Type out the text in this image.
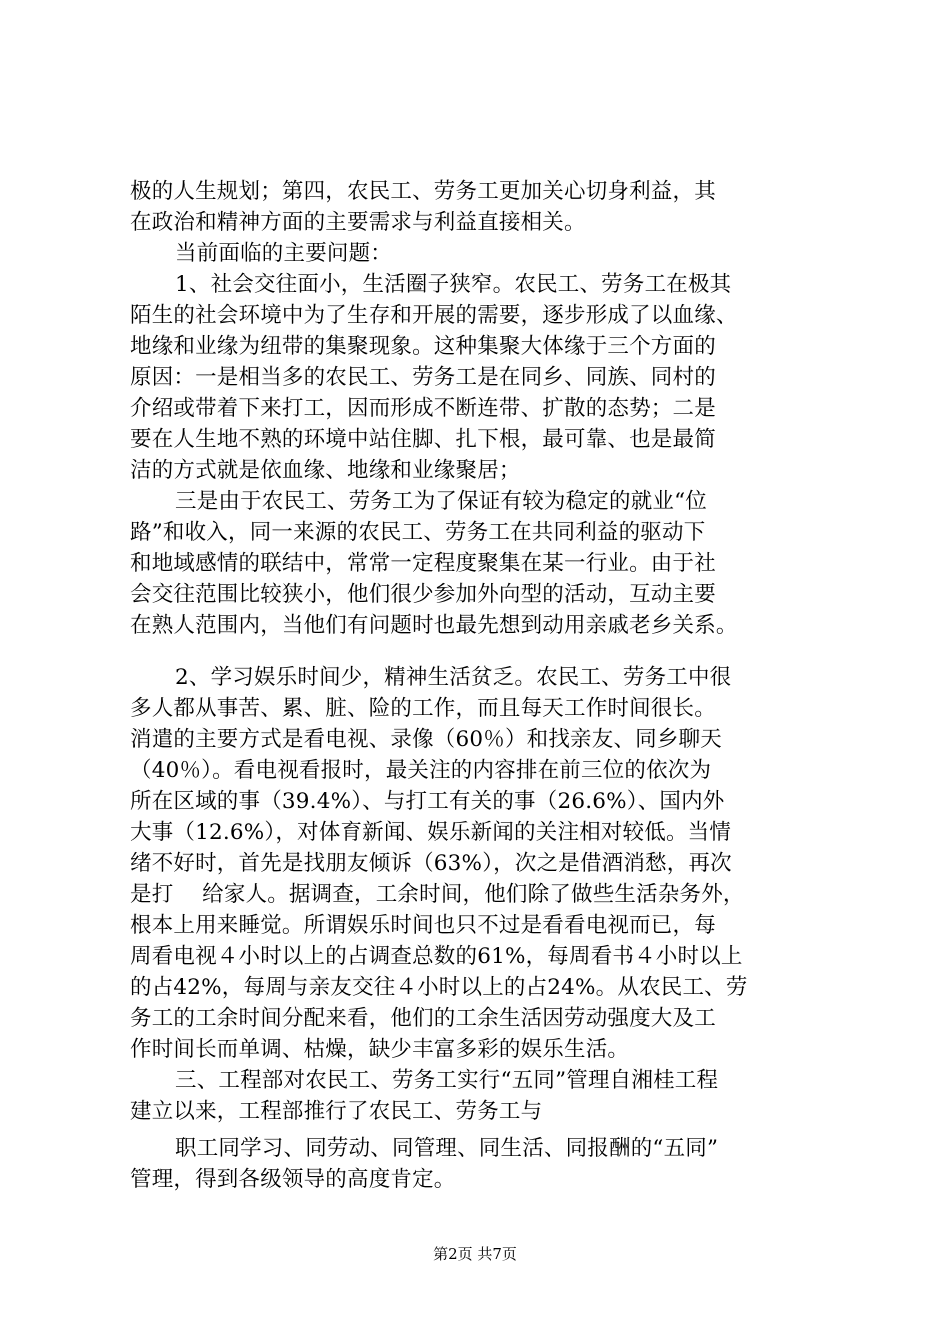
极的人生规划；第四，农民工、劳务工更加关心切身利益，其
在政治和精神方面的主要需求与利益直接相关。
当前面临的主要问题：
1、社会交往面小，生活圈子狭窄。农民工、劳务工在极其
陌生的社会环境中为了生存和开展的需要，逐步形成了以血缘、
地缘和业缘为纽带的集聚现象。这种集聚大体缘于三个方面的
原因：一是相当多的农民工、劳务工是在同乡、同族、同村的
介绍或带着下来打工，因而形成不断连带、扩散的态势；二是
要在人生地不熟的环境中站住脚、扎下根，最可靠、也是最简
洁的方式就是依血缘、地缘和业缘聚居；
三是由于农民工、劳务工为了保证有较为稳定的就业“位
路”和收入，同一来源的农民工、劳务工在共同利益的驱动下
和地域感情的联结中，常常一定程度聚集在某一行业。由于社
会交往范围比较狭小，他们很少参加外向型的活动，互动主要
在熟人范围内，当他们有问题时也最先想到动用亲戚老乡关系。
2、学习娱乐时间少，精神生活贫乏。农民工、劳务工中很
多人都从事苦、累、脏、险的工作，而且每天工作时间很长。
消遣的主要方式是看电视、录像（60％）和找亲友、同乡聊天
（40％）。看电视看报时，最关注的内容排在前三位的依次为
所在区域的事（39.4%）、与打工有关的事（26.6%）、国内外
大事（12.6%），对体育新闻、娱乐新闻的关注相对较低。当情
绪不好时，首先是找朋友倾诉（63%），次之是借酒消愁，再次
是打　 给家人。据调查，工余时间，他们除了做些生活杂务外，
根本上用来睡觉。所谓娱乐时间也只不过是看看电视而已，每
周看电视４小时以上的占调查总数的61%，每周看书４小时以上
的占42%，每周与亲友交往４小时以上的占24%。从农民工、劳
务工的工余时间分配来看，他们的工余生活因劳动强度大及工
作时间长而单调、枯燥，缺少丰富多彩的娱乐生活。
三、工程部对农民工、劳务工实行“五同”管理自湘桂工程
建立以来，工程部推行了农民工、劳务工与
职工同学习、同劳动、同管理、同生活、同报酬的“五同”
管理，得到各级领导的高度肯定。
第2页 共7页
